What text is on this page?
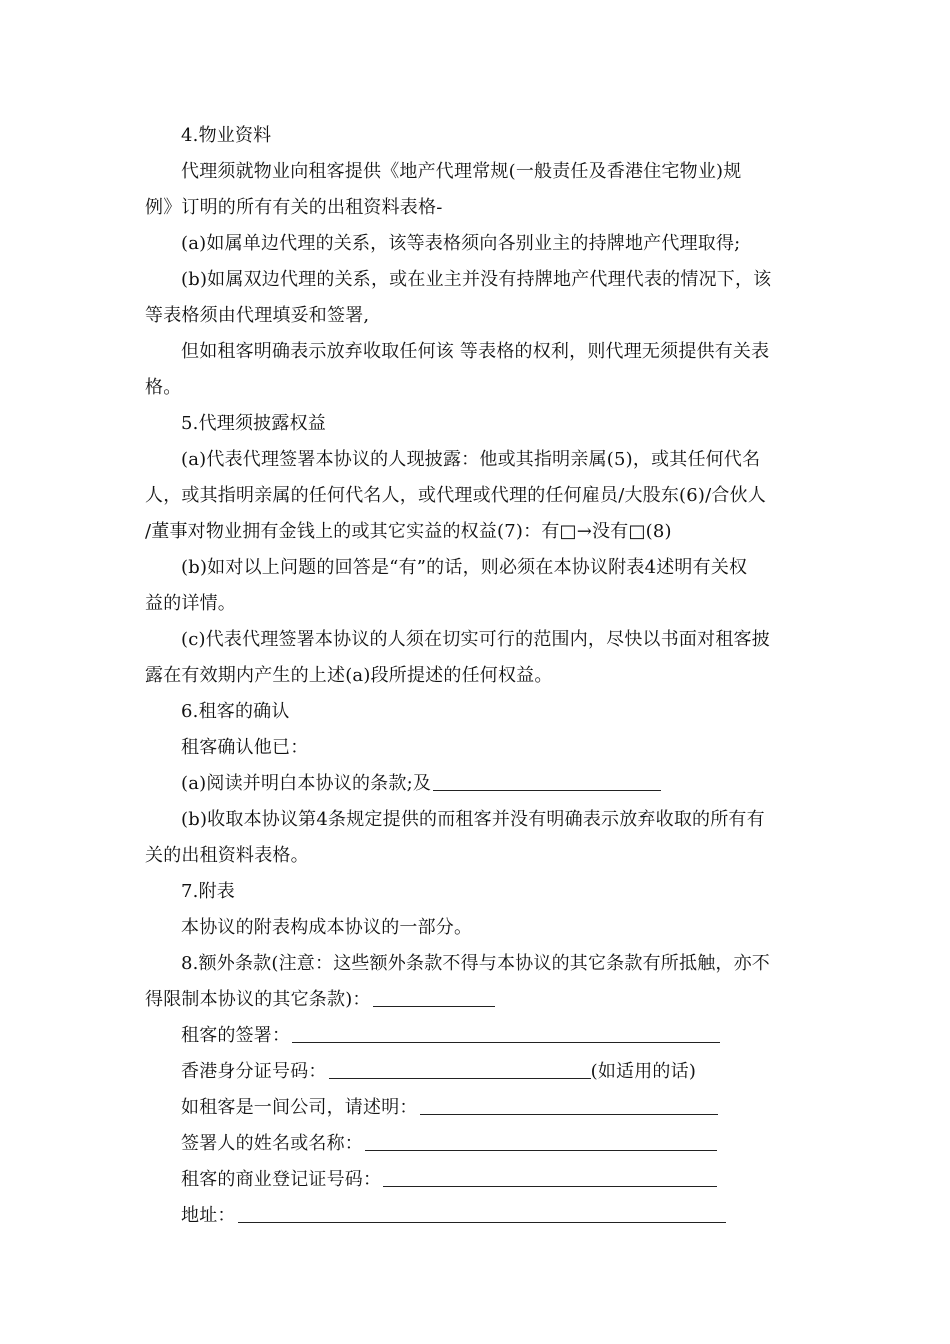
4.物业资料
代理须就物业向租客提供《地产代理常规(一般责任及香港住宅物业)规
例》订明的所有有关的出租资料表格-
(a)如属单边代理的关系，该等表格须向各别业主的持牌地产代理取得;
(b)如属双边代理的关系，或在业主并没有持牌地产代理代表的情况下，该
等表格须由代理填妥和签署,
但如租客明确表示放弃收取任何该 等表格的权利，则代理无须提供有关表
格。
5.代理须披露权益
(a)代表代理签署本协议的人现披露：他或其指明亲属(5)，或其任何代名
人，或其指明亲属的任何代名人，或代理或代理的任何雇员/大股东(6)/合伙人
/董事对物业拥有金钱上的或其它实益的权益(7)：有□→没有□(8)
(b)如对以上问题的回答是“有”的话，则必须在本协议附表4述明有关权
益的详情。
(c)代表代理签署本协议的人须在切实可行的范围内，尽快以书面对租客披
露在有效期内产生的上述(a)段所提述的任何权益。
6.租客的确认
租客确认他已：
(a)阅读并明白本协议的条款;及
(b)收取本协议第4条规定提供的而租客并没有明确表示放弃收取的所有有
关的出租资料表格。
7.附表
本协议的附表构成本协议的一部分。
8.额外条款(注意：这些额外条款不得与本协议的其它条款有所抵触，亦不
得限制本协议的其它条款)：
租客的签署：
香港身分证号码：	(如适用的话)
如租客是一间公司，请述明：
签署人的姓名或名称：
租客的商业登记证号码：
地址：
